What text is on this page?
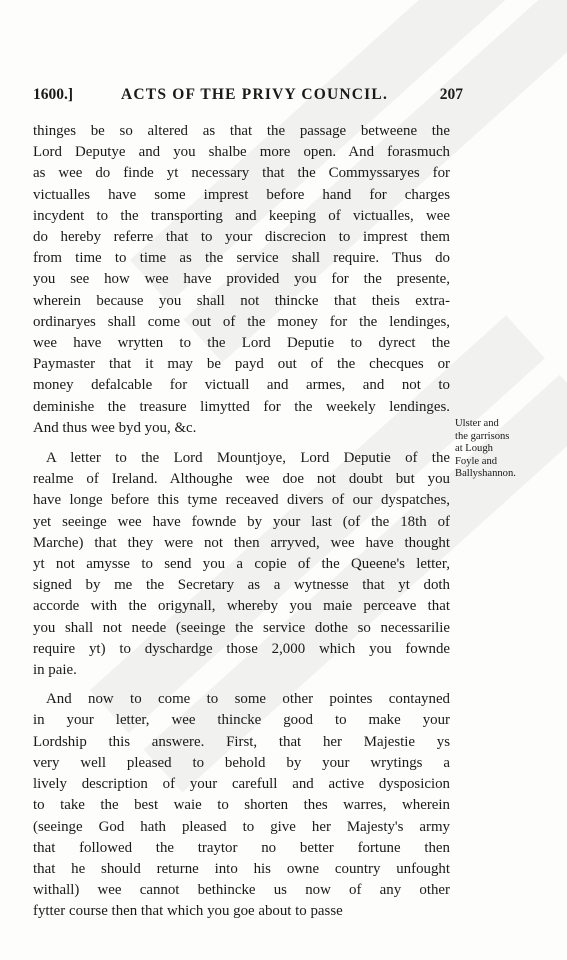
1600.]	ACTS OF THE PRIVY COUNCIL.	207

thinges be so altered as that the passage betweene the

Lord Deputye and you shalbe more open. And forasmuch

as wee do finde yt necessary that the Commyssaryes for

victualles have some imprest before hand for charges

incydent to the transporting and keeping of victualles, wee

do hereby referre that to your discrecion to imprest them

from time to time as the service shall require. Thus do

you see how wee have provided you for the presente,

wherein because you shall not thincke that theis extra-

ordinaryes shall come out of the money for the lendinges,

wee have wrytten to the Lord Deputie to dyrect the

Paymaster that it may be payd out of the checques or

money defalcable for victuall and armes, and not to

deminishe the treasure limytted for the weekely lendinges.

And thus wee byd you, &c.

A letter to the Lord Mountjoye, Lord Deputie of the

realme of Ireland. Althoughe wee doe not doubt but you

have longe before this tyme receaved divers of our dyspatches,

yet seeinge wee have fownde by your last (of the 18th of

Marche) that they were not then arryved, wee have thought

yt not amysse to send you a copie of the Queene's letter,

signed by me the Secretary as a wytnesse that yt doth

accorde with the origynall, whereby you maie perceave that

you shall not neede (seeinge the service dothe so necessarilie

require yt) to dyschardge those 2,000 which you fownde

in paie.

And now to come to some other pointes contayned

in your letter, wee thincke good to make your

Lordship this answere. First, that her Majestie ys

very well pleased to behold by your wrytings a

lively description of your carefull and active dysposicion

to take the best waie to shorten thes warres, wherein

(seeinge God hath pleased to give her Majesty's army

that followed the traytor no better fortune then

that he should returne into his owne country unfought

withall) wee cannot bethincke us now of any other

fytter course then that which you goe about to passe

Ulster and
the garrisons
at Lough
Foyle and
Ballyshannon.
